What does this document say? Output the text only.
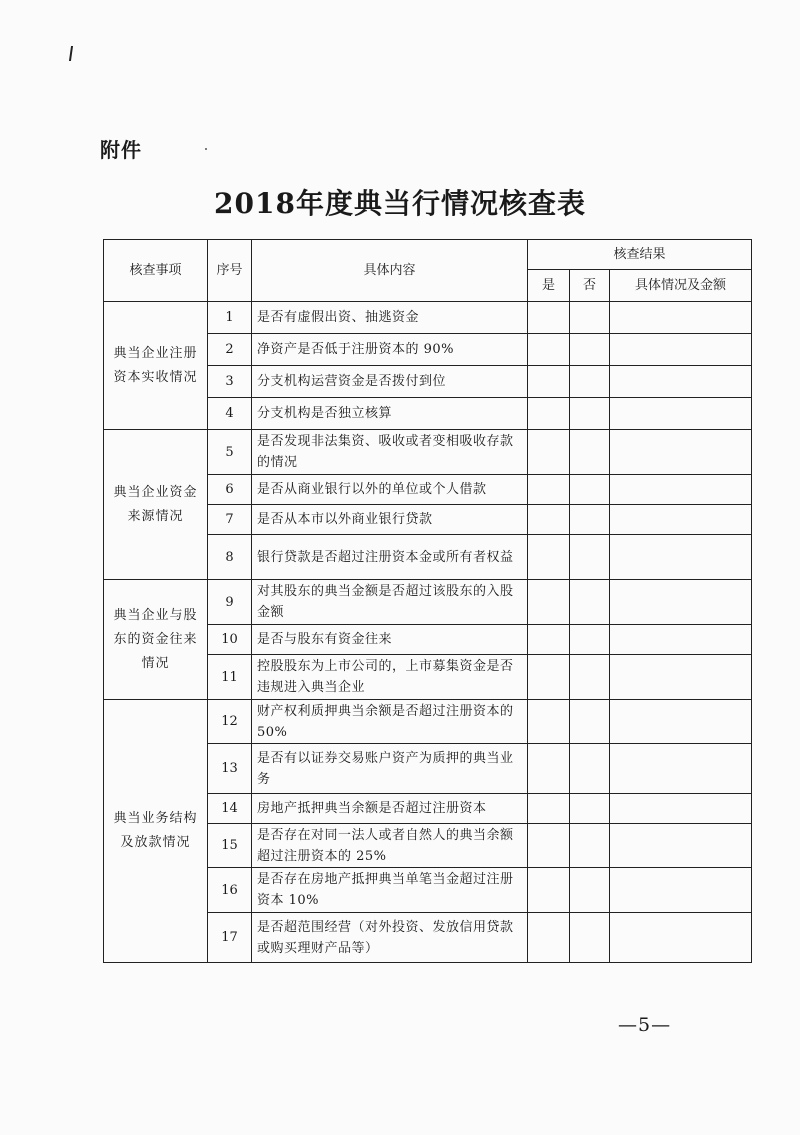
附件
2018年度典当行情况核查表
核查事项	序号	具体内容	核查结果		
			是	否	具体情况及金额
典当企业注册资本实收情况	1	是否有虚假出资、抽逃资金			
	2	净资产是否低于注册资本的 90%			
	3	分支机构运营资金是否拨付到位			
	4	分支机构是否独立核算			
典当企业资金来源情况	5	是否发现非法集资、吸收或者变相吸收存款的情况			
	6	是否从商业银行以外的单位或个人借款			
	7	是否从本市以外商业银行贷款			
	8	银行贷款是否超过注册资本金或所有者权益			
典当企业与股东的资金往来情况	9	对其股东的典当金额是否超过该股东的入股金额			
	10	是否与股东有资金往来			
	11	控股股东为上市公司的，上市募集资金是否违规进入典当企业			
典当业务结构及放款情况	12	财产权利质押典当余额是否超过注册资本的 50%			
	13	是否有以证券交易账户资产为质押的典当业务			
	14	房地产抵押典当余额是否超过注册资本			
	15	是否存在对同一法人或者自然人的典当余额超过注册资本的 25%			
	16	是否存在房地产抵押典当单笔当金超过注册资本 10%			
	17	是否超范围经营（对外投资、发放信用贷款或购买理财产品等）			
—5—
